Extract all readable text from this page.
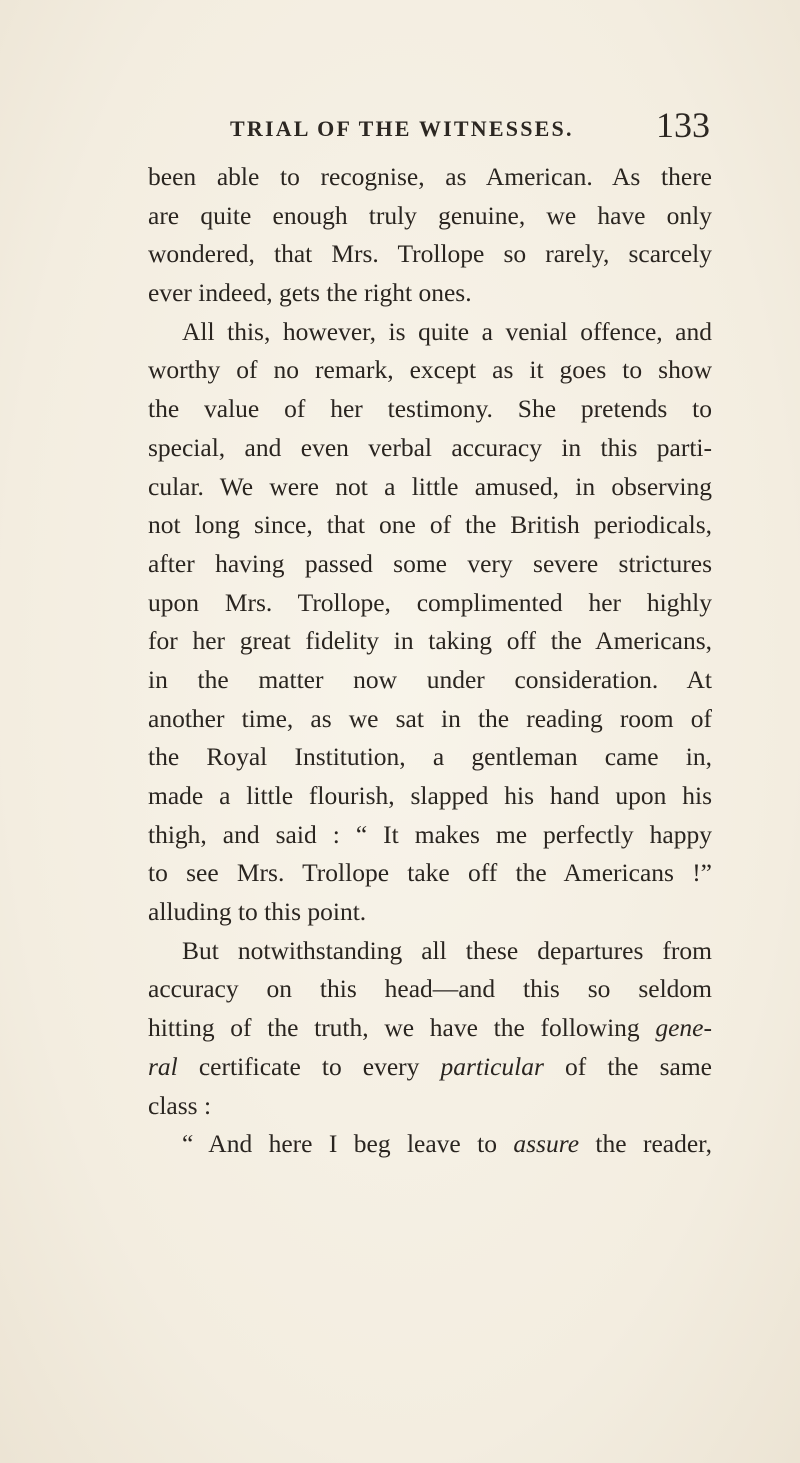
TRIAL OF THE WITNESSES. 133
been able to recognise, as American. As there
are quite enough truly genuine, we have only
wondered, that Mrs. Trollope so rarely, scarcely
ever indeed, gets the right ones.
All this, however, is quite a venial offence, and
worthy of no remark, except as it goes to show
the value of her testimony. She pretends to
special, and even verbal accuracy in this parti-
cular. We were not a little amused, in observing
not long since, that one of the British periodicals,
after having passed some very severe strictures
upon Mrs. Trollope, complimented her highly
for her great fidelity in taking off the Americans,
in the matter now under consideration. At
another time, as we sat in the reading room of
the Royal Institution, a gentleman came in,
made a little flourish, slapped his hand upon his
thigh, and said : “ It makes me perfectly happy
to see Mrs. Trollope take off the Americans !”
alluding to this point.
But notwithstanding all these departures from
accuracy on this head—and this so seldom
hitting of the truth, we have the following gene-
ral certificate to every particular of the same
class :
“ And here I beg leave to assure the reader,
